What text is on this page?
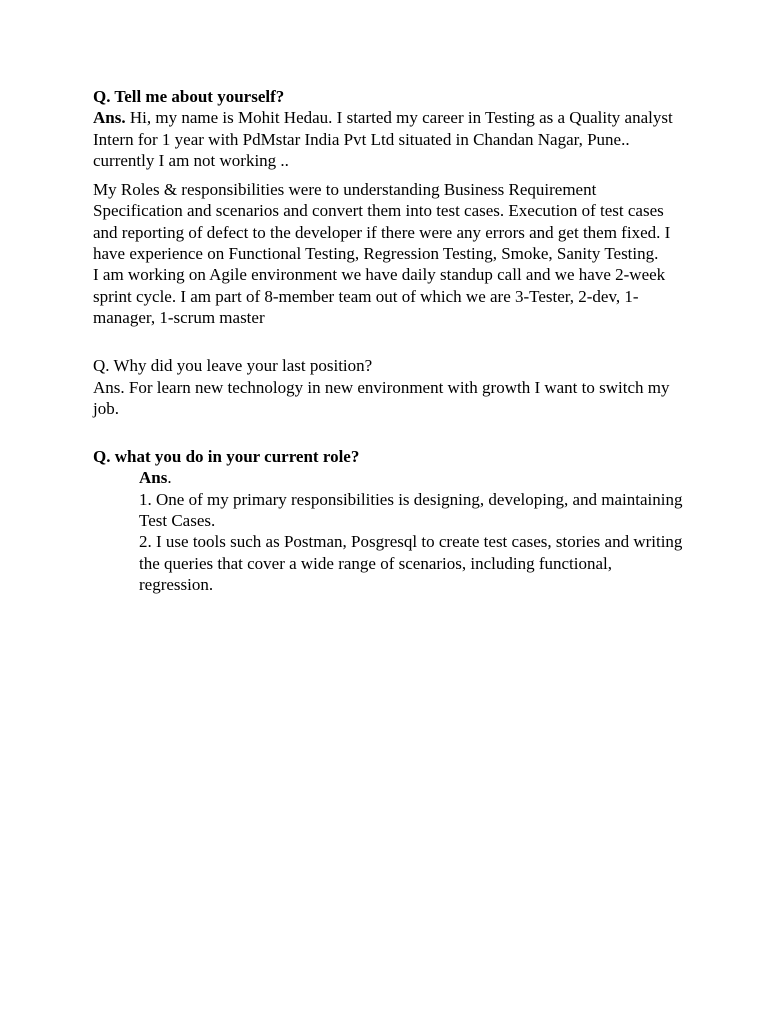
Q. Tell me about yourself?

Ans. Hi, my name is Mohit Hedau. I started my career in Testing as a Quality analyst Intern for 1 year with PdMstar India Pvt Ltd situated in Chandan Nagar, Pune.. currently I am not working ..

My Roles & responsibilities were to understanding Business Requirement Specification and scenarios and convert them into test cases. Execution of test cases and reporting of defect to the developer if there were any errors and get them fixed. I have experience on Functional Testing, Regression Testing, Smoke, Sanity Testing.

I am working on Agile environment we have daily standup call and we have 2-week sprint cycle. I am part of 8-member team out of which we are 3-Tester, 2-dev, 1- manager, 1-scrum master

Q. Why did you leave your last position?

Ans. For learn new technology in new environment with growth I want to switch my job.

Q. what you do in your current role?

Ans.

1. One of my primary responsibilities is designing, developing, and maintaining Test Cases.

2. I use tools such as Postman, Posgresql to create test cases, stories and writing the queries that cover a wide range of scenarios, including functional, regression.
